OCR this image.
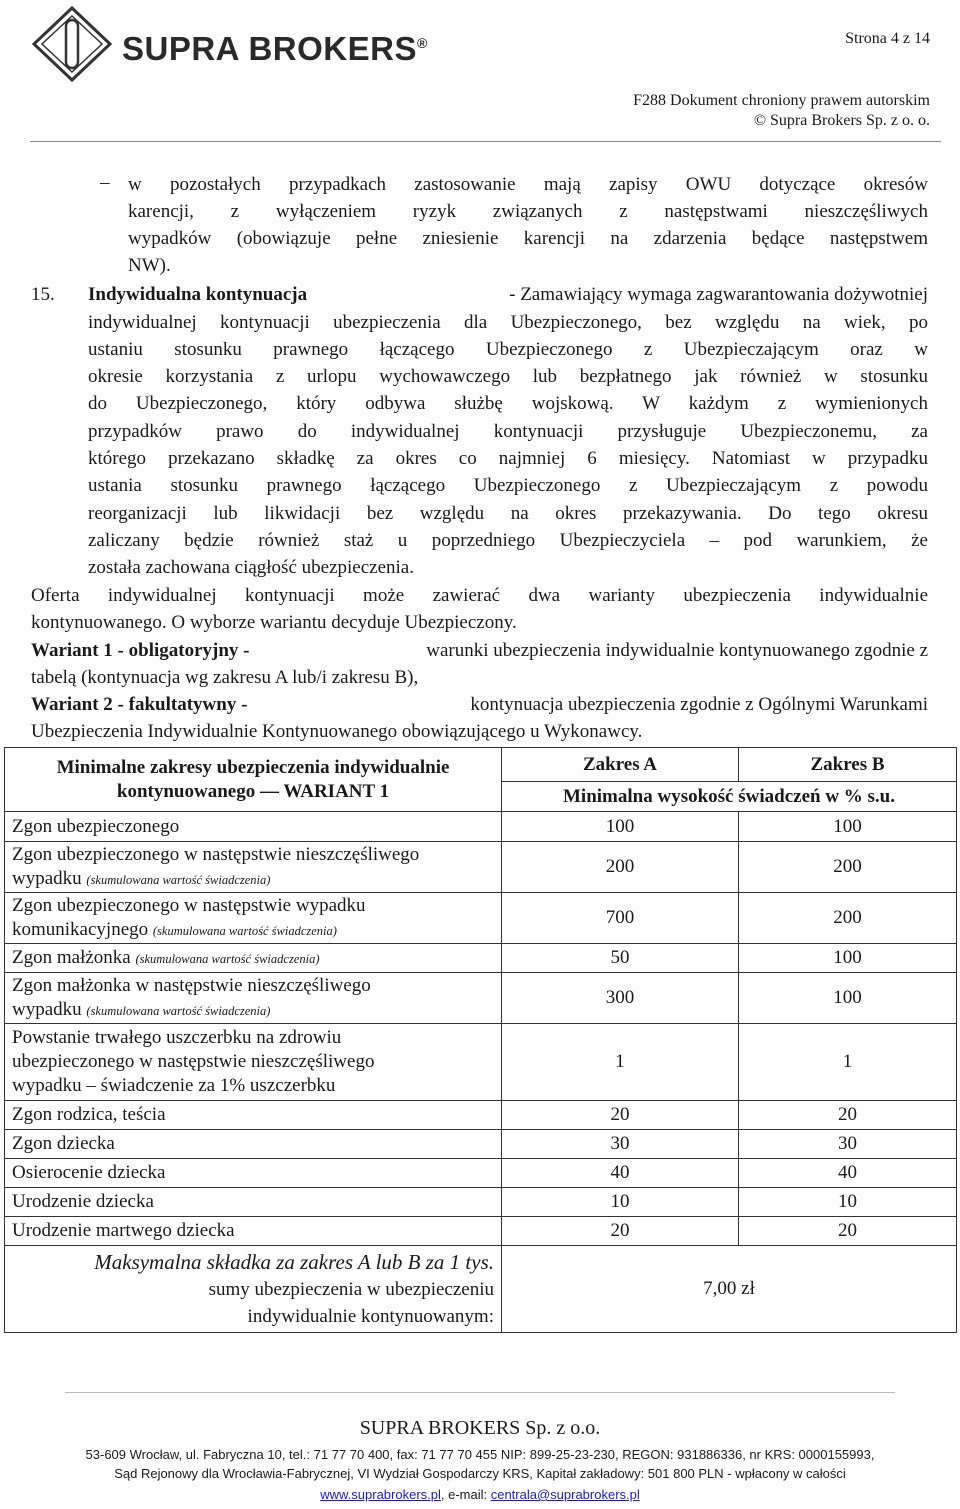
SUPRA BROKERS®	Strona 4 z 14
F288 Dokument chroniony prawem autorskim
© Supra Brokers Sp. z o. o.
– w pozostałych przypadkach zastosowanie mają zapisy OWU dotyczące okresów
karencji, z wyłączeniem ryzyk związanych z następstwami nieszczęśliwych
wypadków (obowiązuje pełne zniesienie karencji na zdarzenia będące następstwem
NW).
15. Indywidualna kontynuacja	- Zamawiający wymaga zagwarantowania dożywotniej
indywidualnej kontynuacji ubezpieczenia dla Ubezpieczonego, bez względu na wiek, po
ustaniu stosunku prawnego łączącego Ubezpieczonego z Ubezpieczającym oraz w
okresie korzystania z urlopu wychowawczego lub bezpłatnego jak również w stosunku
do Ubezpieczonego, który odbywa służbę wojskową. W każdym z wymienionych
przypadków prawo do indywidualnej kontynuacji przysługuje Ubezpieczonemu, za
którego przekazano składkę za okres co najmniej 6 miesięcy. Natomiast w przypadku
ustania stosunku prawnego łączącego Ubezpieczonego z Ubezpieczającym z powodu
reorganizacji lub likwidacji bez względu na okres przekazywania. Do tego okresu
zaliczany będzie również staż u poprzedniego Ubezpieczyciela – pod warunkiem, że
została zachowana ciągłość ubezpieczenia.
Oferta indywidualnej kontynuacji może zawierać dwa warianty ubezpieczenia indywidualnie
kontynuowanego. O wyborze wariantu decyduje Ubezpieczony.
Wariant 1 - obligatoryjny -	warunki ubezpieczenia indywidualnie kontynuowanego zgodnie z
tabelą (kontynuacja wg zakresu A lub/i zakresu B),
Wariant 2 - fakultatywny -	kontynuacja ubezpieczenia zgodnie z Ogólnymi Warunkami
Ubezpieczenia Indywidualnie Kontynuowanego obowiązującego u Wykonawcy.
Minimalne zakresy ubezpieczenia indywidualnie
kontynuowanego — WARIANT 1	Zakres A	Zakres B
	Minimalna wysokość świadczeń w % s.u.	
Zgon ubezpieczonego	100	100

Zgon ubezpieczonego w następstwie nieszczęśliwego
wypadku (skumulowana wartość świadczenia)	200	200

Zgon ubezpieczonego w następstwie wypadku
komunikacyjnego (skumulowana wartość świadczenia)	700	200
Zgon małżonka (skumulowana wartość świadczenia)	50	100

Zgon małżonka w następstwie nieszczęśliwego
wypadku (skumulowana wartość świadczenia)	300	100

Powstanie trwałego uszczerbku na zdrowiu
ubezpieczonego w następstwie nieszczęśliwego
wypadku – świadczenie za 1% uszczerbku	1	1
Zgon rodzica, teścia	20	20
Zgon dziecka	30	30
Osierocenie dziecka	40	40
Urodzenie dziecka	10	10
Urodzenie martwego dziecka	20	20

Maksymalna składka za zakres A lub B za 1 tys.
sumy ubezpieczenia w ubezpieczeniu
indywidualnie kontynuowanym:	7,00 zł	
SUPRA BROKERS Sp. z o.o.
53-609 Wrocław, ul. Fabryczna 10, tel.: 71 77 70 400, fax: 71 77 70 455 NIP: 899-25-23-230, REGON: 931886336, nr KRS: 0000155993,
Sąd Rejonowy dla Wrocławia-Fabrycznej, VI Wydział Gospodarczy KRS, Kapitał zakładowy: 501 800 PLN - wpłacony w całości
www.suprabrokers.pl, e-mail: centrala@suprabrokers.pl
